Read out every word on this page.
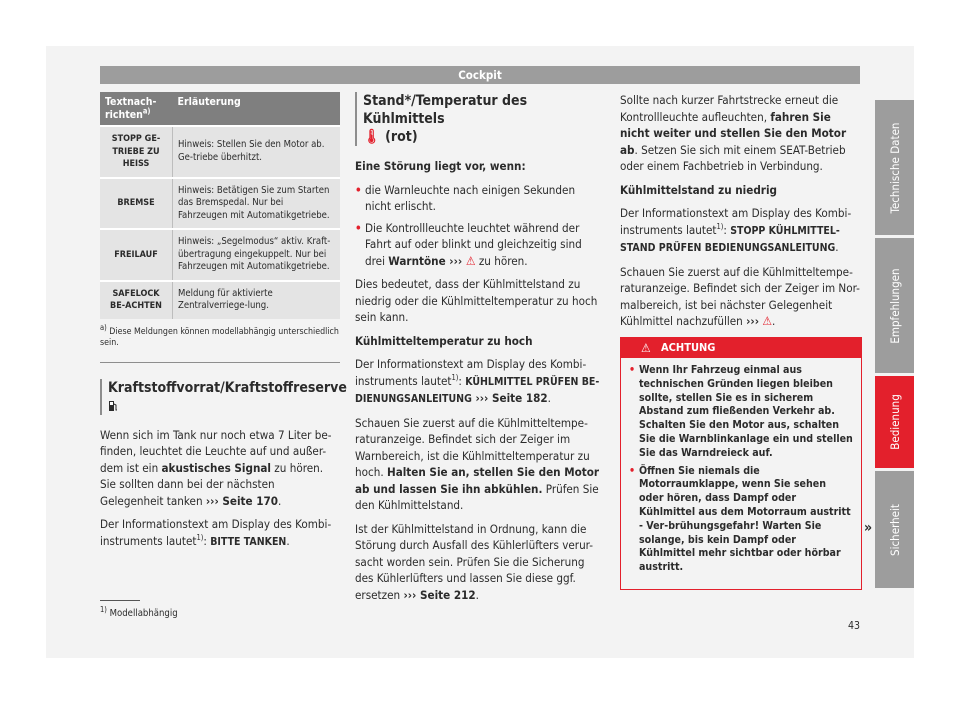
Cockpit
Textnach-richten$^{a)}$	Erläuterung
STOPP GE-TRIEBE ZU HEISS	Hinweis: Stellen Sie den Motor ab. Ge-triebe überhitzt.
BREMSE	Hinweis: Betätigen Sie zum Starten das Bremspedal. Nur bei Fahrzeugen mit Automatikgetriebe.
FREILAUF	Hinweis: „Segelmodus“ aktiv. Kraft-übertragung eingekuppelt. Nur bei Fahrzeugen mit Automatikgetriebe.
SAFELOCK BE-ACHTEN	Meldung für aktivierte Zentralverriege-lung.
$^{a)}$ Diese Meldungen können modellabhängig unterschiedlich sein.
Kraftstoffvorrat/Kraftstoffreserve

Wenn sich im Tank nur noch etwa 7 Liter be-finden, leuchtet die Leuchte auf und außer-dem ist ein akustisches Signal zu hören. Sie sollten dann bei der nächsten Gelegenheit tanken ››› Seite 170.

Der Informationstext am Display des Kombi-instruments lautet$^{1)}$: BITTE TANKEN.

Stand*/Temperatur des Kühlmittels
🌡︎ (rot)

Eine Störung liegt vor, wenn:

• die Warnleuchte nach einigen Sekunden nicht erlischt.
• Die Kontrollleuchte leuchtet während der Fahrt auf oder blinkt und gleichzeitig sind drei Warntöne ››› ⚠ zu hören.

Dies bedeutet, dass der Kühlmittelstand zu niedrig oder die Kühlmitteltemperatur zu hoch sein kann.

Kühlmitteltemperatur zu hoch

Der Informationstext am Display des Kombi-instruments lautet$^{1)}$: KÜHLMITTEL PRÜFEN BE-DIENUNGSANLEITUNG ››› Seite 182.

Schauen Sie zuerst auf die Kühlmitteltempe-raturanzeige. Befindet sich der Zeiger im Warnbereich, ist die Kühlmitteltemperatur zu hoch. Halten Sie an, stellen Sie den Motor ab und lassen Sie ihn abkühlen. Prüfen Sie den Kühlmittelstand.

Ist der Kühlmittelstand in Ordnung, kann die Störung durch Ausfall des Kühlerlüfters verur-sacht worden sein. Prüfen Sie die Sicherung des Kühlerlüfters und lassen Sie diese ggf. ersetzen ››› Seite 212.

Sollte nach kurzer Fahrtstrecke erneut die Kontrollleuchte aufleuchten, fahren Sie nicht weiter und stellen Sie den Motor ab. Setzen Sie sich mit einem SEAT-Betrieb oder einem Fachbetrieb in Verbindung.

Kühlmittelstand zu niedrig

Der Informationstext am Display des Kombi-instruments lautet$^{1)}$: STOPP KÜHLMITTEL-STAND PRÜFEN BEDIENUNGSANLEITUNG.

Schauen Sie zuerst auf die Kühlmitteltempe-raturanzeige. Befindet sich der Zeiger im Nor-malbereich, ist bei nächster Gelegenheit Kühlmittel nachzufüllen ››› ⚠.

⚠ ACHTUNG
• Wenn Ihr Fahrzeug einmal aus technischen Gründen liegen bleiben sollte, stellen Sie es in sicherem Abstand zum fließenden Verkehr ab. Schalten Sie den Motor aus, schalten Sie die Warnblinkanlage ein und stellen Sie das Warndreieck auf.
• Öffnen Sie niemals die Motorraumklappe, wenn Sie sehen oder hören, dass Dampf oder Kühlmittel aus dem Motorraum austritt - Ver-brühungsgefahr! Warten Sie solange, bis kein Dampf oder Kühlmittel mehr sichtbar oder hörbar austritt.
»
Technische Daten
Empfehlungen
Bedienung
Sicherheit
$^{1)}$ Modellabhängig
43
